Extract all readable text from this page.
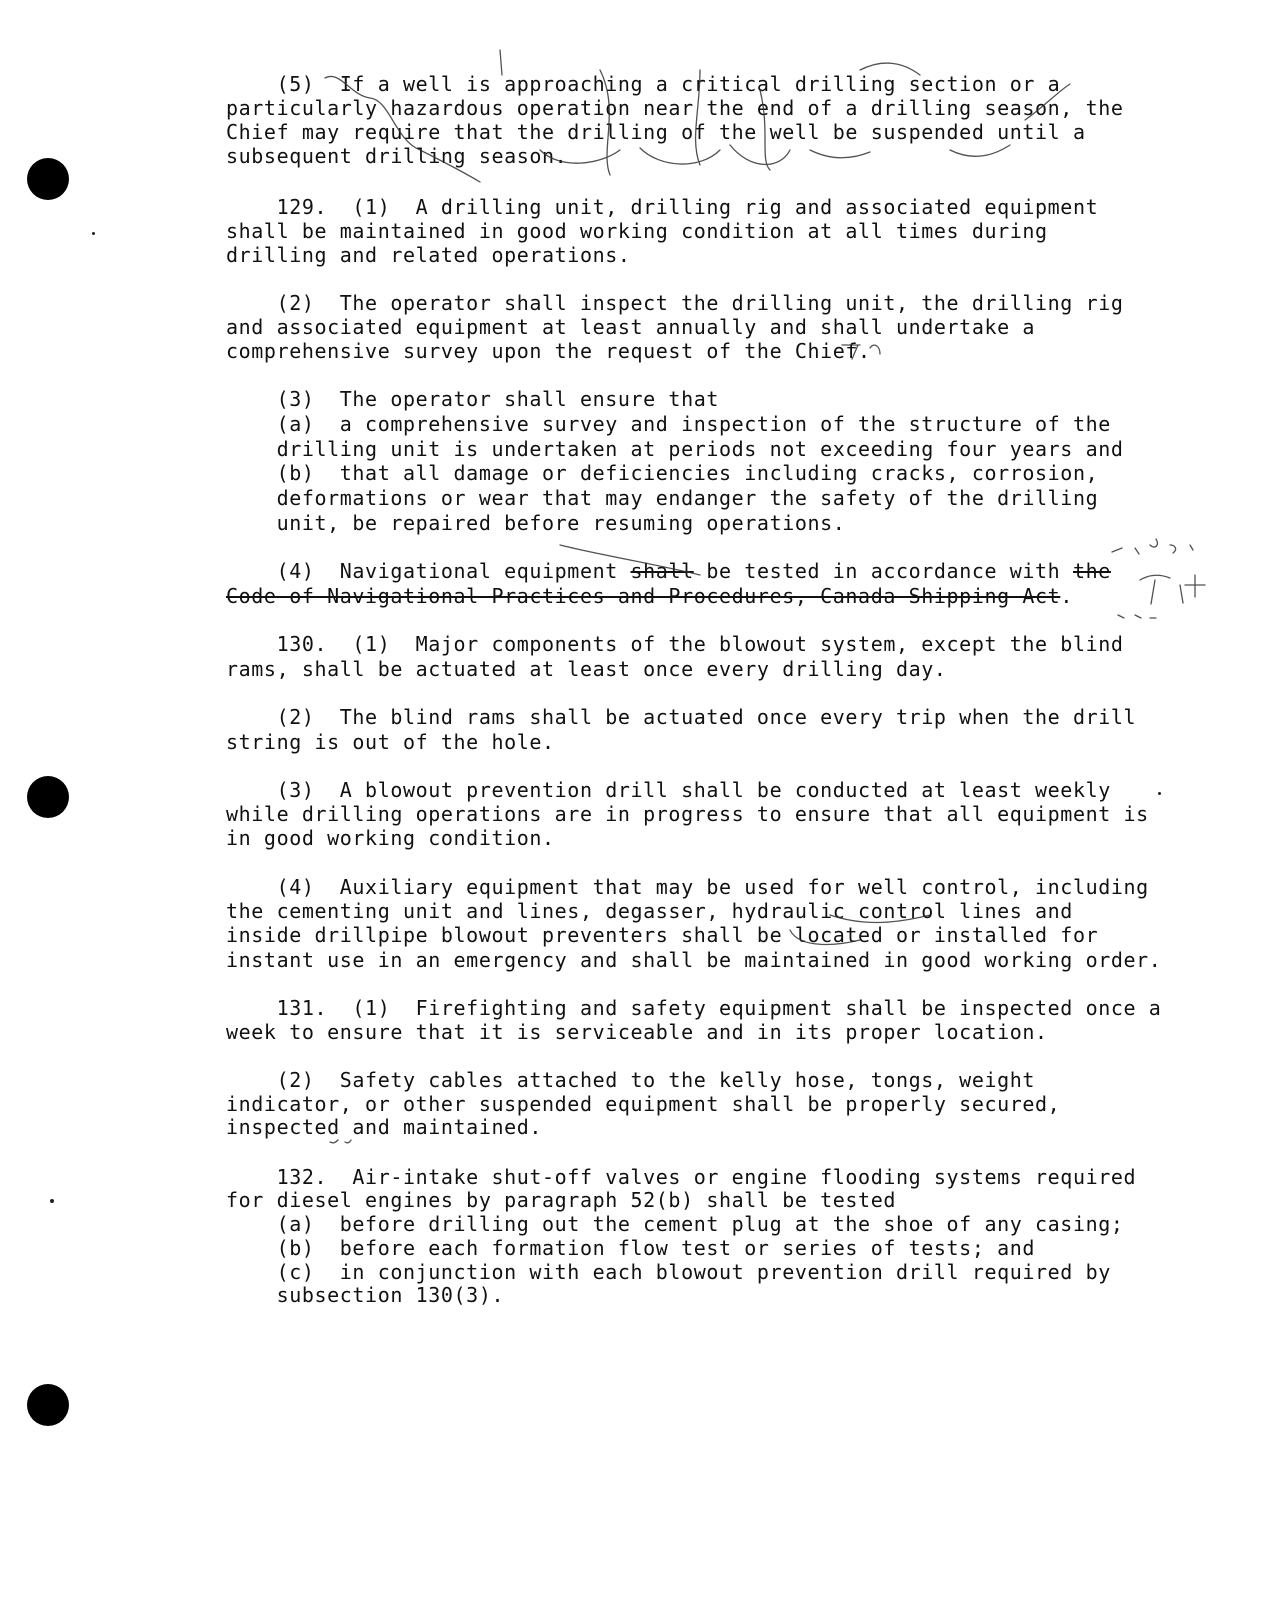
(5)  If a well is approaching a critical drilling section or a
particularly hazardous operation near the end of a drilling season, the
Chief may require that the drilling of the well be suspended until a
subsequent drilling season.
129.  (1)  A drilling unit, drilling rig and associated equipment
shall be maintained in good working condition at all times during
drilling and related operations.
(2)  The operator shall inspect the drilling unit, the drilling rig
and associated equipment at least annually and shall undertake a
comprehensive survey upon the request of the Chief.
(3)  The operator shall ensure that
(a)  a comprehensive survey and inspection of the structure of the
drilling unit is undertaken at periods not exceeding four years and
(b)  that all damage or deficiencies including cracks, corrosion,
deformations or wear that may endanger the safety of the drilling
unit, be repaired before resuming operations.
(4)  Navigational equipment shall be tested in accordance with the
Code of Navigational Practices and Procedures, Canada Shipping Act.
130.  (1)  Major components of the blowout system, except the blind
rams, shall be actuated at least once every drilling day.
(2)  The blind rams shall be actuated once every trip when the drill
string is out of the hole.
(3)  A blowout prevention drill shall be conducted at least weekly
while drilling operations are in progress to ensure that all equipment is
in good working condition.
(4)  Auxiliary equipment that may be used for well control, including
the cementing unit and lines, degasser, hydraulic control lines and
inside drillpipe blowout preventers shall be located or installed for
instant use in an emergency and shall be maintained in good working order.
131.  (1)  Firefighting and safety equipment shall be inspected once a
week to ensure that it is serviceable and in its proper location.
(2)  Safety cables attached to the kelly hose, tongs, weight
indicator, or other suspended equipment shall be properly secured,
inspected and maintained.
132.  Air-intake shut-off valves or engine flooding systems required
for diesel engines by paragraph 52(b) shall be tested
(a)  before drilling out the cement plug at the shoe of any casing;
(b)  before each formation flow test or series of tests; and
(c)  in conjunction with each blowout prevention drill required by
subsection 130(3).
